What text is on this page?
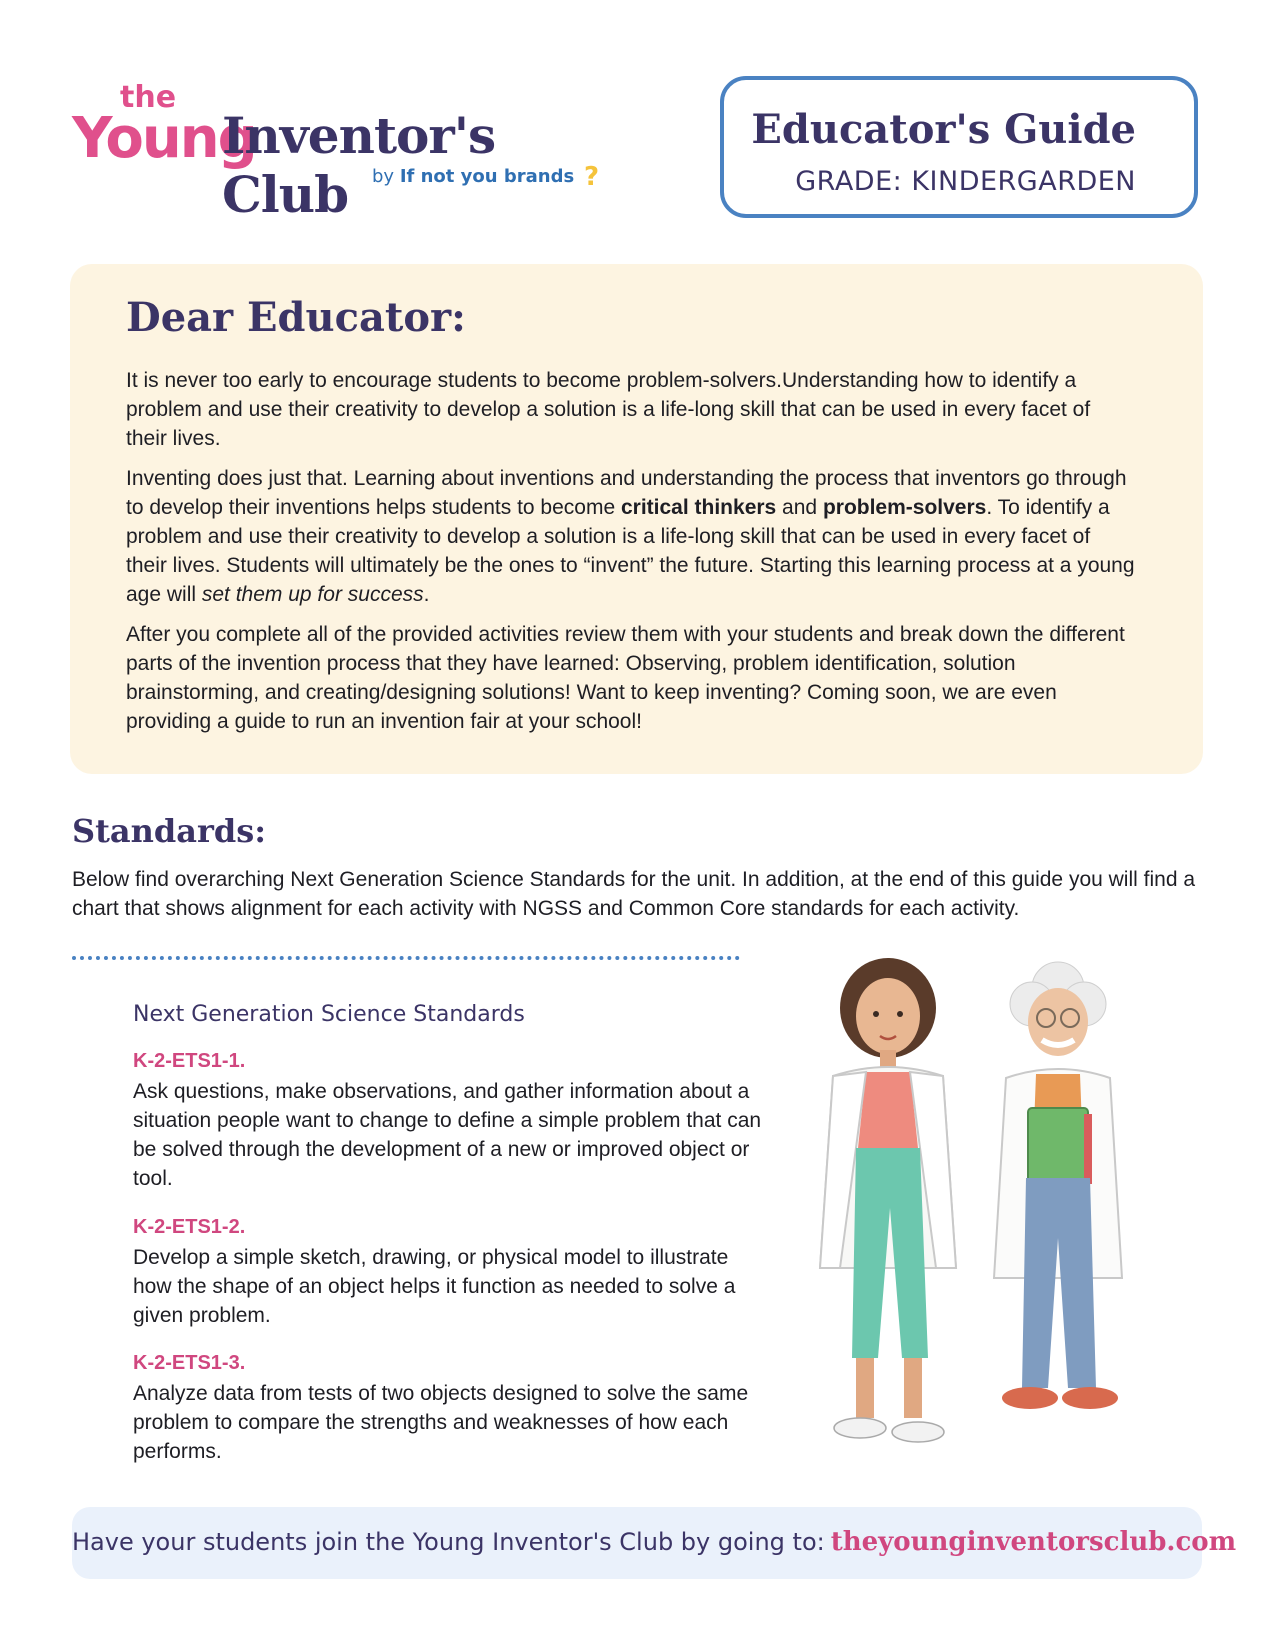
the
Young
Inventor's Club	by If not you brands ?
Educator's Guide
GRADE: KINDERGARDEN
Dear Educator:

It is never too early to encourage students to become problem-solvers.Understanding how to identify a problem and use their creativity to develop a solution is a life-long skill that can be used in every facet of their lives.

Inventing does just that. Learning about inventions and understanding the process that inventors go through to develop their inventions helps students to become critical thinkers and problem-solvers. To identify a problem and use their creativity to develop a solution is a life-long skill that can be used in every facet of their lives. Students will ultimately be the ones to “invent” the future. Starting this learning process at a young age will set them up for success.

After you complete all of the provided activities review them with your students and break down the different parts of the invention process that they have learned: Observing, problem identification, solution brainstorming, and creating/designing solutions! Want to keep inventing? Coming soon, we are even providing a guide to run an invention fair at your school!

Standards:

Below find overarching Next Generation Science Standards for the unit. In addition, at the end of this guide you will find a chart that shows alignment for each activity with NGSS and Common Core standards for each activity.

Next Generation Science Standards
K-2-ETS1-1.
Ask questions, make observations, and gather information about a situation people want to change to define a simple problem that can be solved through the development of a new or improved object or tool.
K-2-ETS1-2.
Develop a simple sketch, drawing, or physical model to illustrate how the shape of an object helps it function as needed to solve a given problem.
K-2-ETS1-3.
Analyze data from tests of two objects designed to solve the same problem to compare the strengths and weaknesses of how each performs.
Have your students join the Young Inventor's Club by going to: theyounginventorsclub.com
